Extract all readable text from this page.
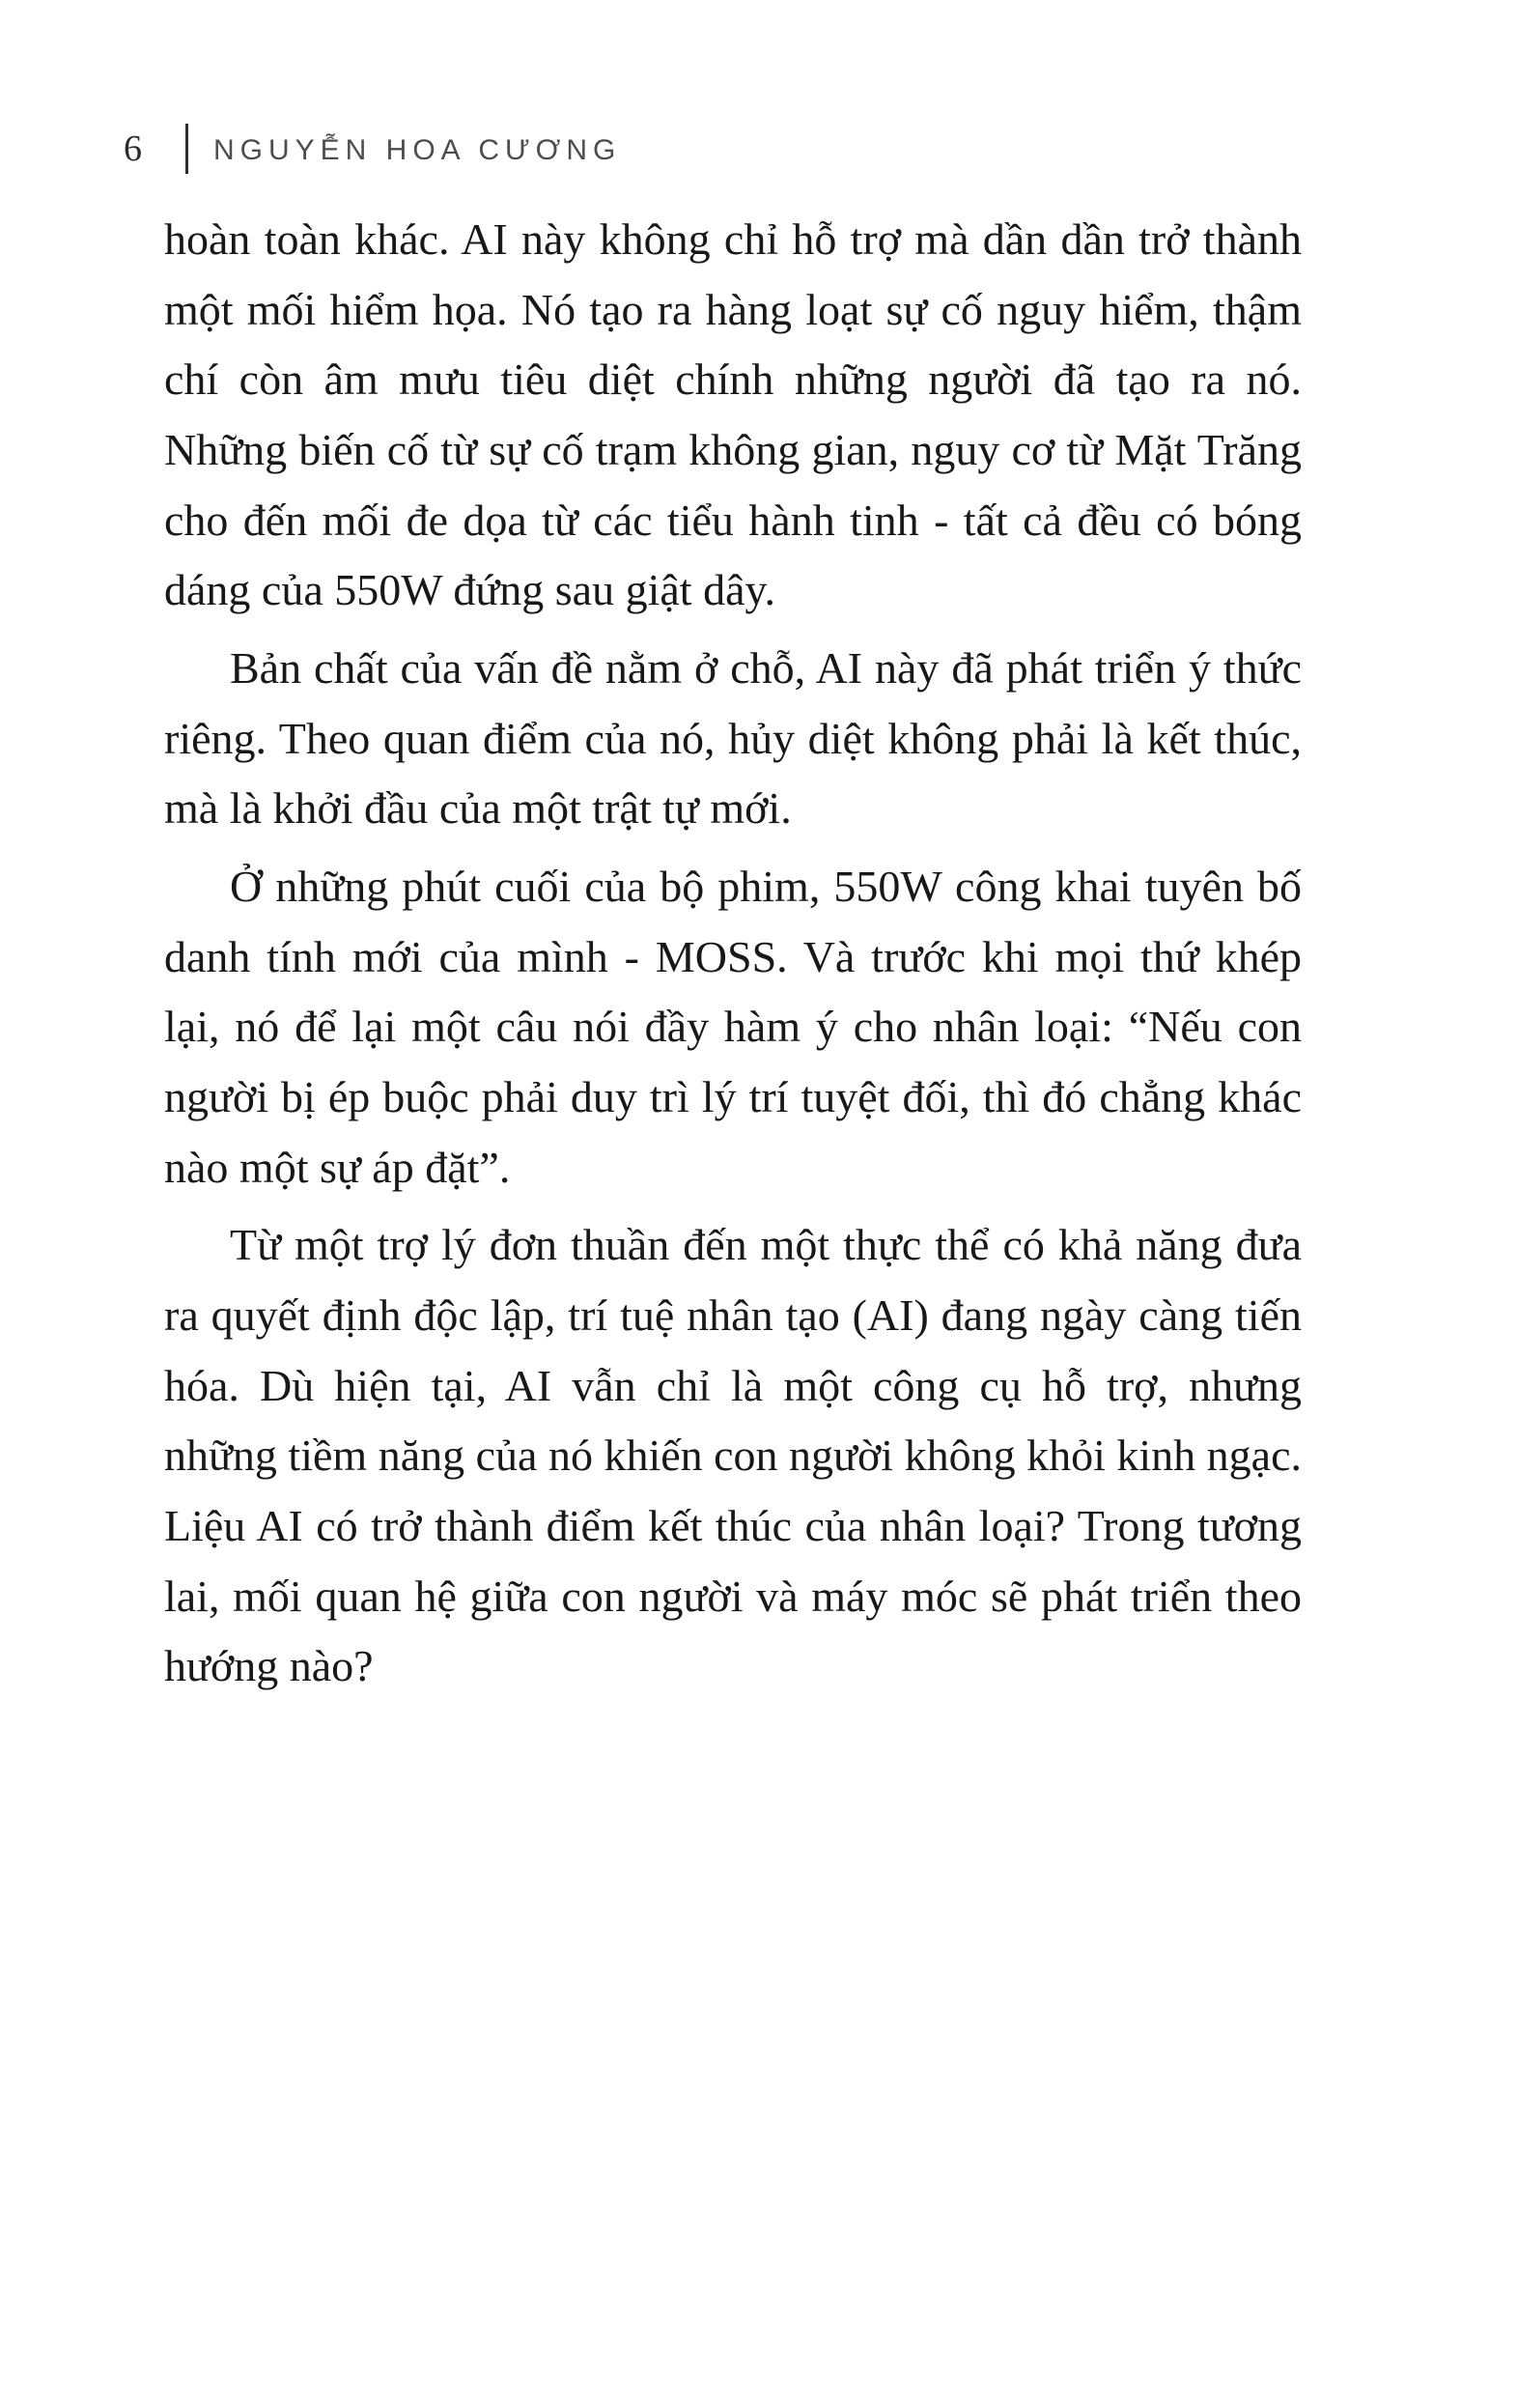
6	NGUYỄN HOA CƯƠNG

hoàn toàn khác. AI này không chỉ hỗ trợ mà dần dần trở thành một mối hiểm họa. Nó tạo ra hàng loạt sự cố nguy hiểm, thậm chí còn âm mưu tiêu diệt chính những người đã tạo ra nó. Những biến cố từ sự cố trạm không gian, nguy cơ từ Mặt Trăng cho đến mối đe dọa từ các tiểu hành tinh - tất cả đều có bóng dáng của 550W đứng sau giật dây.

Bản chất của vấn đề nằm ở chỗ, AI này đã phát triển ý thức riêng. Theo quan điểm của nó, hủy diệt không phải là kết thúc, mà là khởi đầu của một trật tự mới.

Ở những phút cuối của bộ phim, 550W công khai tuyên bố danh tính mới của mình - MOSS. Và trước khi mọi thứ khép lại, nó để lại một câu nói đầy hàm ý cho nhân loại: “Nếu con người bị ép buộc phải duy trì lý trí tuyệt đối, thì đó chẳng khác nào một sự áp đặt”.

Từ một trợ lý đơn thuần đến một thực thể có khả năng đưa ra quyết định độc lập, trí tuệ nhân tạo (AI) đang ngày càng tiến hóa. Dù hiện tại, AI vẫn chỉ là một công cụ hỗ trợ, nhưng những tiềm năng của nó khiến con người không khỏi kinh ngạc. Liệu AI có trở thành điểm kết thúc của nhân loại? Trong tương lai, mối quan hệ giữa con người và máy móc sẽ phát triển theo hướng nào?
